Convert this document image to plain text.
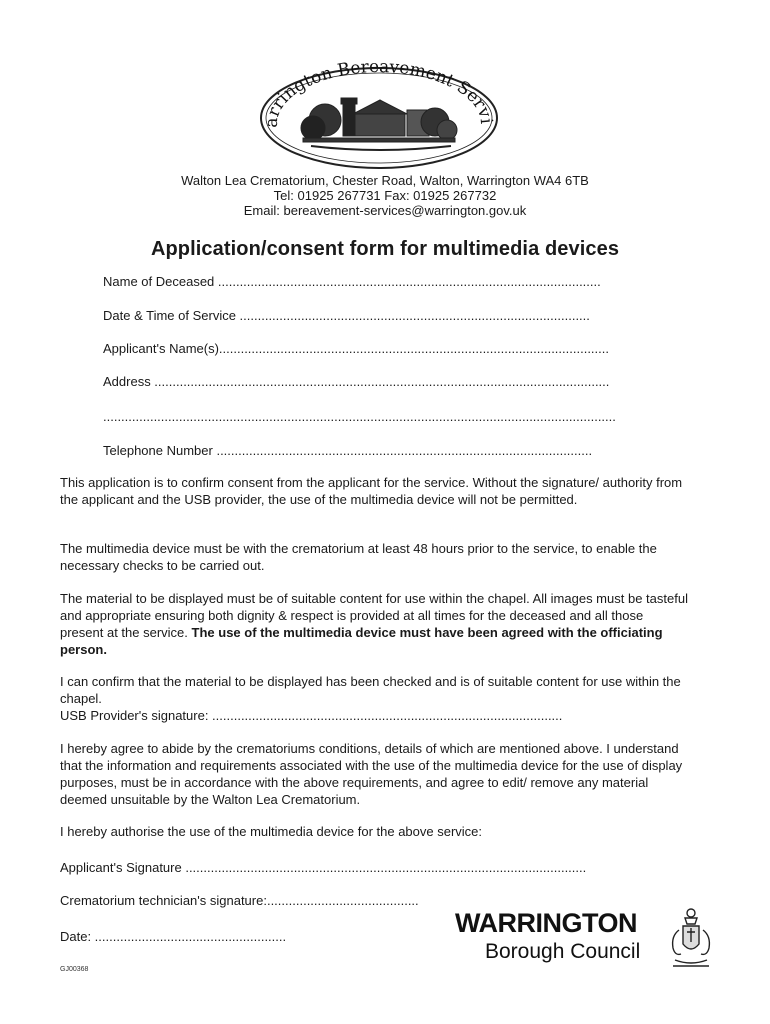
arrington Bereavement Servi
Walton Lea Crematorium, Chester Road, Walton, Warrington WA4 6TB
Tel: 01925 267731 Fax: 01925 267732
Email: bereavement-services@warrington.gov.uk
Application/consent form for multimedia devices
Name of Deceased ..........................................................................................................
Date & Time of Service .................................................................................................
Applicant's Name(s)............................................................................................................
Address ..............................................................................................................................
..............................................................................................................................................
Telephone Number ........................................................................................................

This application is to confirm consent from the applicant for the service. Without the signature/ authority from the applicant and the USB provider, the use of the multimedia device will not be permitted.

The multimedia device must be with the crematorium at least 48 hours prior to the service, to enable the necessary checks to be carried out.

The material to be displayed must be of suitable content for use within the chapel. All images must be tasteful and appropriate ensuring both dignity & respect is provided at all times for the deceased and all those present at the service. The use of the multimedia device must have been agreed with the officiating person.

I can confirm that the material to be displayed has been checked and is of suitable content for use within the chapel.

USB Provider's signature: .................................................................................................

I hereby agree to abide by the crematoriums conditions, details of which are mentioned above. I understand that the information and requirements associated with the use of the multimedia device for the use of display purposes, must be in accordance with the above requirements, and agree to edit/ remove any material deemed unsuitable by the Walton Lea Crematorium.

I hereby authorise the use of the multimedia device for the above service:

Applicant's Signature ...............................................................................................................
Crematorium technician's signature:..........................................
Date: .....................................................
GJ00368
WARRINGTON
Borough Council
